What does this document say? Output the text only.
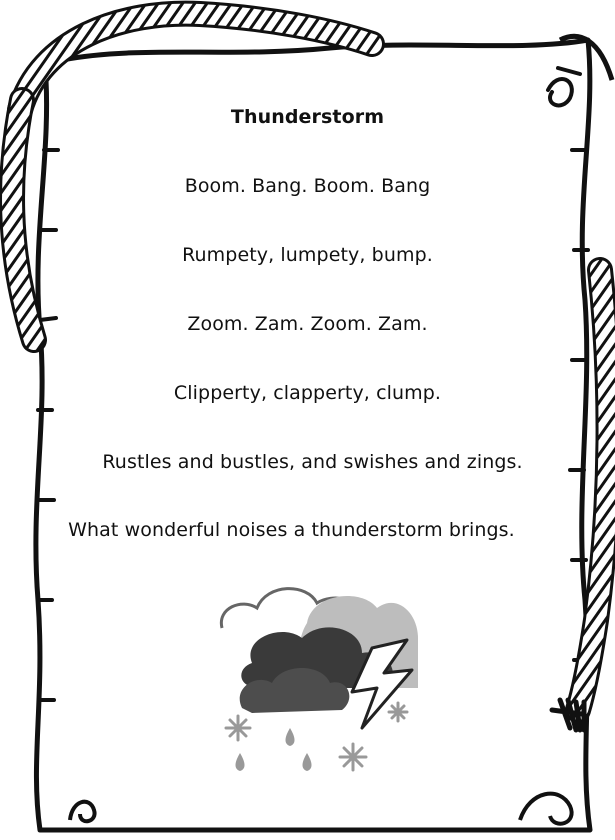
Thunderstorm
Boom. Bang. Boom. Bang
Rumpety, lumpety, bump.
Zoom. Zam. Zoom. Zam.
Clipperty, clapperty, clump.
Rustles and bustles, and swishes and zings.
What wonderful noises a thunderstorm brings.
